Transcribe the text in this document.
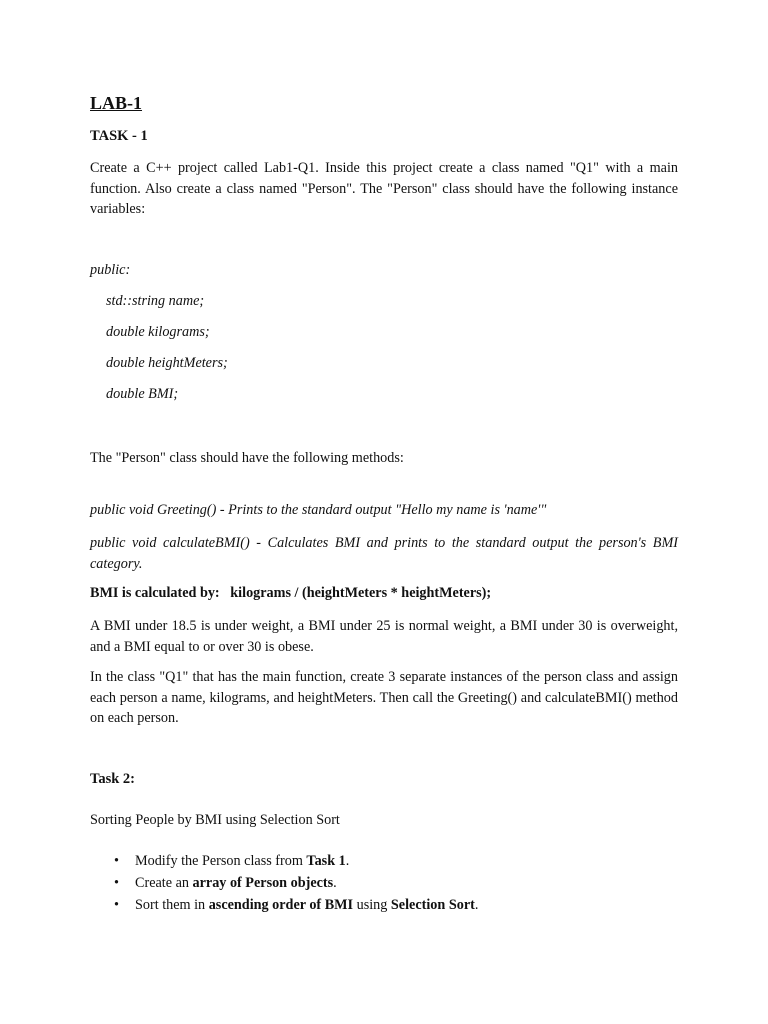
LAB-1
TASK - 1
Create a C++ project called Lab1-Q1. Inside this project create a class named "Q1" with a main function. Also create a class named "Person". The "Person" class should have the following instance variables:
public:
std::string name;
double kilograms;
double heightMeters;
double BMI;
The "Person" class should have the following methods:
public void Greeting() - Prints to the standard output "Hello my name is 'name'"
public void calculateBMI() - Calculates BMI and prints to the standard output the person's BMI category.
BMI is calculated by:   kilograms / (heightMeters * heightMeters);
A BMI under 18.5 is under weight, a BMI under 25 is normal weight, a BMI under 30 is overweight, and a BMI equal to or over 30 is obese.
In the class "Q1" that has the main function, create 3 separate instances of the person class and assign each person a name, kilograms, and heightMeters. Then call the Greeting() and calculateBMI() method on each person.
Task 2:
Sorting People by BMI using Selection Sort
• Modify the Person class from Task 1.
• Create an array of Person objects.
• Sort them in ascending order of BMI using Selection Sort.
